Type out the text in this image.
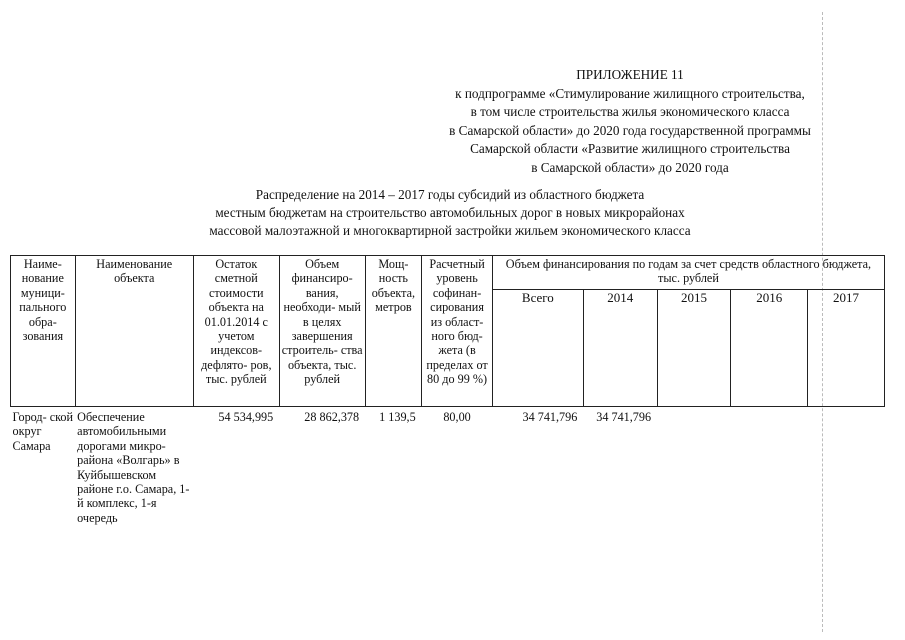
ПРИЛОЖЕНИЕ 11
к подпрограмме «Стимулирование жилищного строительства,
в том числе строительства жилья экономического класса
в Самарской области» до 2020 года государственной программы
Самарской области «Развитие жилищного строительства
в Самарской области» до 2020 года
Распределение на 2014 – 2017 годы субсидий из областного бюджета
местным бюджетам на строительство автомобильных дорог в новых микрорайонах
массовой малоэтажной и многоквартирной застройки жильем экономического класса
Наиме- нование муници- пального обра- зования	Наименование объекта	Остаток сметной стоимости объекта на 01.01.2014 с учетом индексов- дефлято- ров, тыс. рублей	Объем финансиро- вания, необходи- мый в целях завершения строитель- ства объекта, тыс. рублей	Мощ- ность объекта, метров	Расчетный уровень софинан- сирования из област- ного бюд- жета (в пределах от 80 до 99 %)	Объем финансирования по годам за счет средств областного бюджета, тыс. рублей				
						Всего	2014	2015	2016	2017
Город- ской округ Самара	Обеспечение автомобильными дорогами микро- района «Волгарь» в Куйбышевском районе г.о. Самара, 1-й комплекс, 1-я очередь	54 534,995	28 862,378	1 139,5	80,00	34 741,796	34 741,796			
